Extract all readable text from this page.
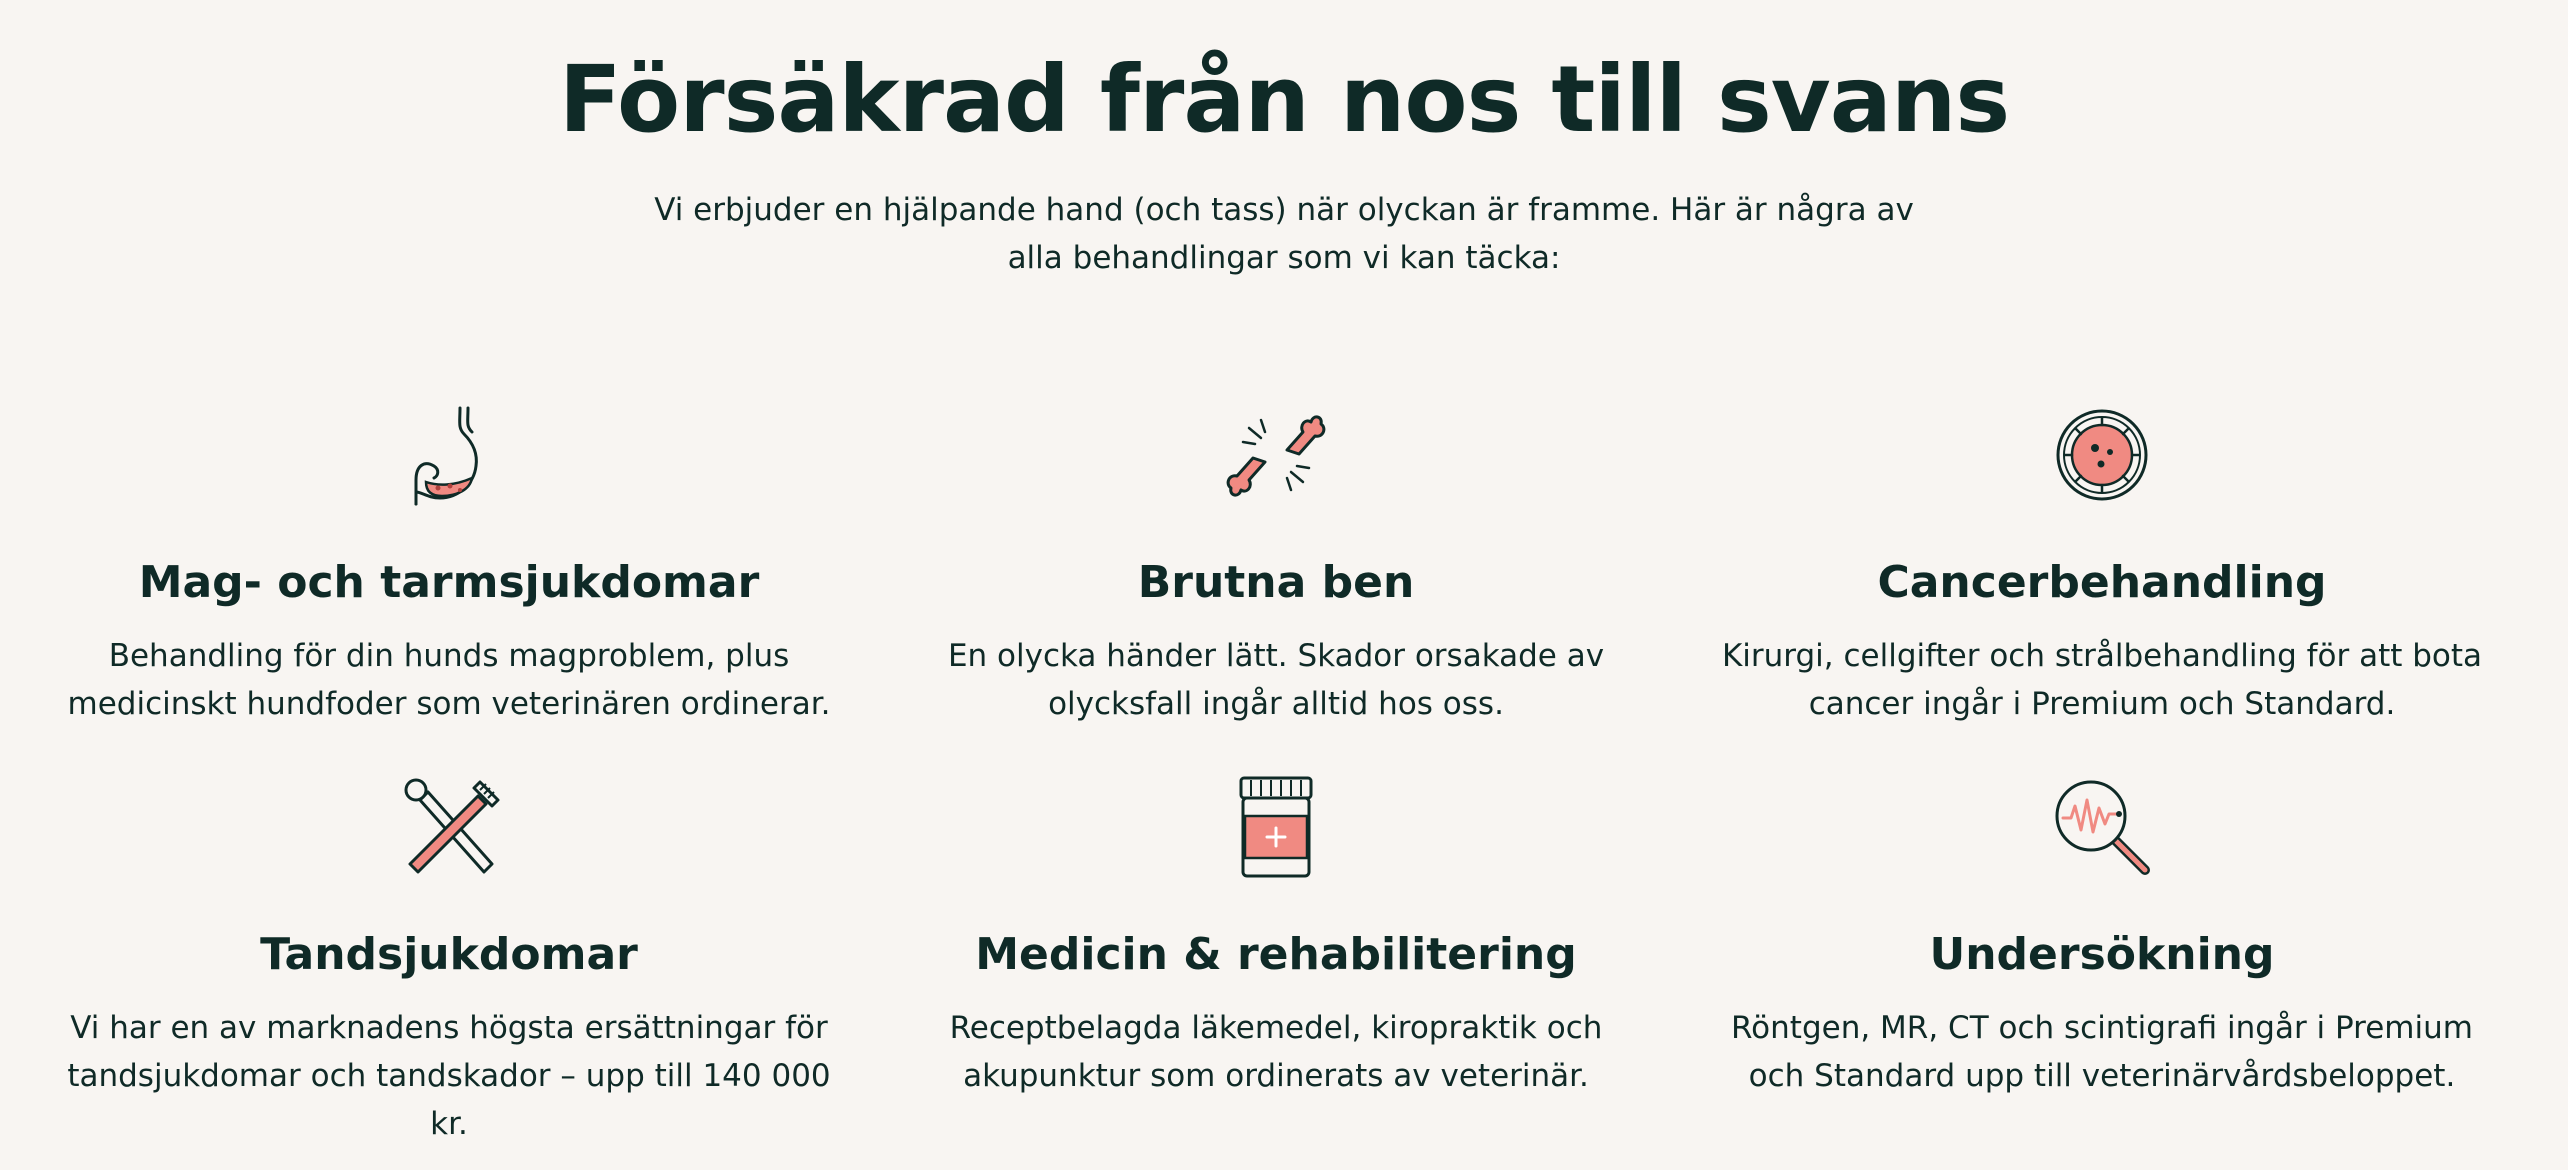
Försäkrad från nos till svans

Vi erbjuder en hjälpande hand (och tass) när olyckan är framme. Här är några av alla behandlingar som vi kan täcka:

Mag- och tarmsjukdomar

Behandling för din hunds magproblem, plus medicinskt hundfoder som veterinären ordinerar.

Brutna ben

En olycka händer lätt. Skador orsakade av olycksfall ingår alltid hos oss.

Cancerbehandling

Kirurgi, cellgifter och strålbehandling för att bota cancer ingår i Premium och Standard.

Tandsjukdomar

Vi har en av marknadens högsta ersättningar för tandsjukdomar och tandskador – upp till 140 000 kr.

Medicin & rehabilitering

Receptbelagda läkemedel, kiropraktik och akupunktur som ordinerats av veterinär.

Undersökning

Röntgen, MR, CT och scintigrafi ingår i Premium och Standard upp till veterinärvårdsbeloppet.
